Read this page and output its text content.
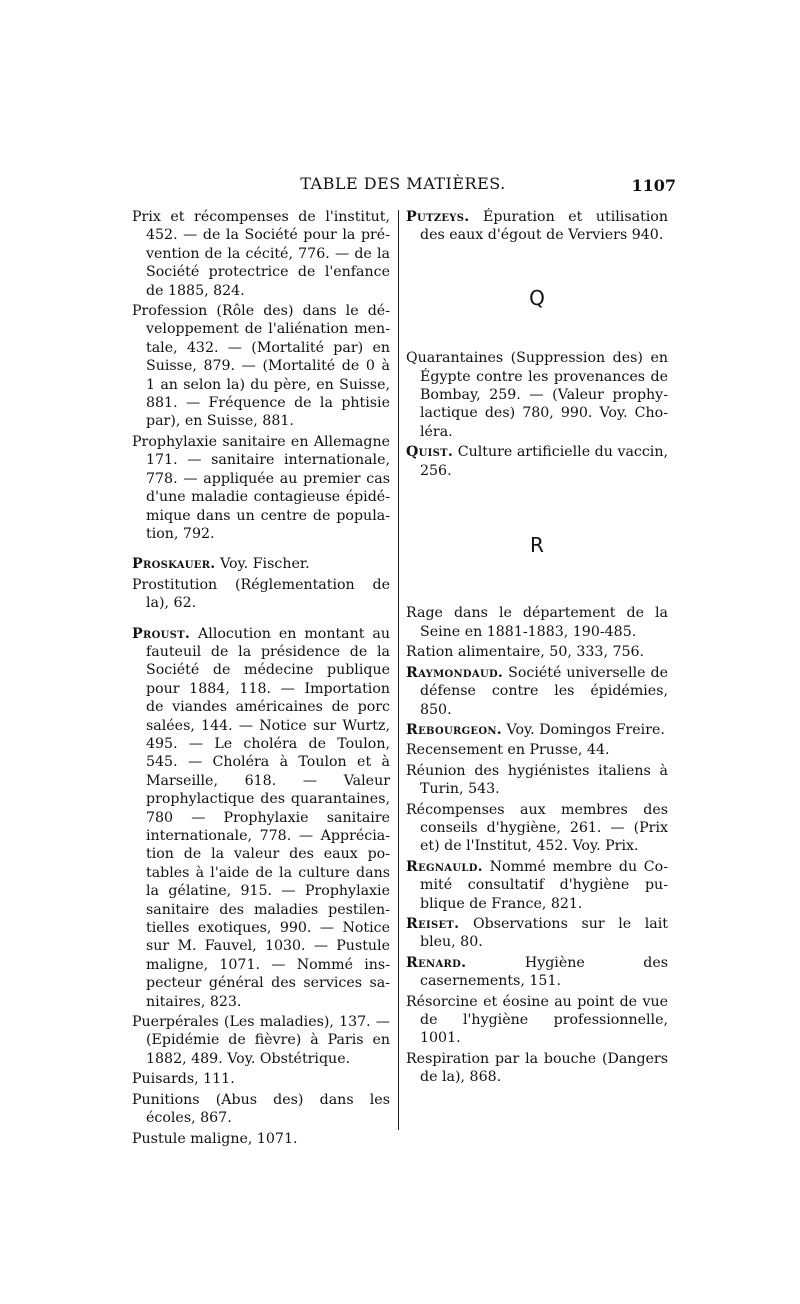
TABLE DES MATIÈRES.	1107
Prix et récompenses de l'institut, 452. — de la Société pour la prévention de la cécité, 776. — de la Société protectrice de l'enfance de 1885, 824.
Profession (Rôle des) dans le développement de l'aliénation mentale, 432. — (Mortalité par) en Suisse, 879. — (Mortalité de 0 à 1 an selon la) du père, en Suisse, 881. — Fréquence de la phtisie par), en Suisse, 881.
Prophylaxie sanitaire en Allemagne 171. — sanitaire internationale, 778. — appliquée au premier cas d'une maladie contagieuse épidémique dans un centre de population, 792.
Proskauer. Voy. Fischer.
Prostitution (Réglementation de la), 62.
Proust. Allocution en montant au fauteuil de la présidence de la Société de médecine publique pour 1884, 118. — Importation de viandes américaines de porc salées, 144. — Notice sur Wurtz, 495. — Le choléra de Toulon, 545. — Choléra à Toulon et à Marseille, 618. — Valeur prophylactique des quarantaines, 780 — Prophylaxie sanitaire internationale, 778. — Appréciation de la valeur des eaux potables à l'aide de la culture dans la gélatine, 915. — Prophylaxie sanitaire des maladies pestilentielles exotiques, 990. — Notice sur M. Fauvel, 1030. — Pustule maligne, 1071. — Nommé inspecteur général des services sanitaires, 823.
Puerpérales (Les maladies), 137. — (Epidémie de fièvre) à Paris en 1882, 489. Voy. Obstétrique.
Puisards, 111.
Punitions (Abus des) dans les écoles, 867.
Pustule maligne, 1071.
Putzeys. Épuration et utilisation des eaux d'égout de Verviers 940.
Q
Quarantaines (Suppression des) en Égypte contre les provenances de Bombay, 259. — (Valeur prophylactique des) 780, 990. Voy. Choléra.
Quist. Culture artificielle du vaccin, 256.
R
Rage dans le département de la Seine en 1881-1883, 190-485.
Ration alimentaire, 50, 333, 756.
Raymondaud. Société universelle de défense contre les épidémies, 850.
Rebourgeon. Voy. Domingos Freire.
Recensement en Prusse, 44.
Réunion des hygiénistes italiens à Turin, 543.
Récompenses aux membres des conseils d'hygiène, 261. — (Prix et) de l'Institut, 452. Voy. Prix.
Regnauld. Nommé membre du Comité consultatif d'hygiène publique de France, 821.
Reiset. Observations sur le lait bleu, 80.
Renard. Hygiène des casernements, 151.
Résorcine et éosine au point de vue de l'hygiène professionnelle, 1001.
Respiration par la bouche (Dangers de la), 868.
